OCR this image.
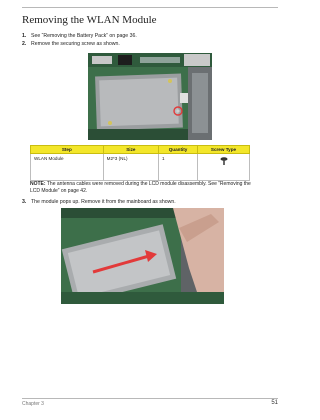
Removing the WLAN Module
1. See “Removing the Battery Pack” on page 36.
2. Remove the securing screw as shown.
Step	Size	Quantity	Screw Type
WLAN Module	M2*3 (NL)	1	
NOTE: The antenna cables were removed during the LCD module disassembly. See “Removing the LCD Module” on page 42.
3. The module pops up. Remove it from the mainboard as shown.
Chapter 3	51
